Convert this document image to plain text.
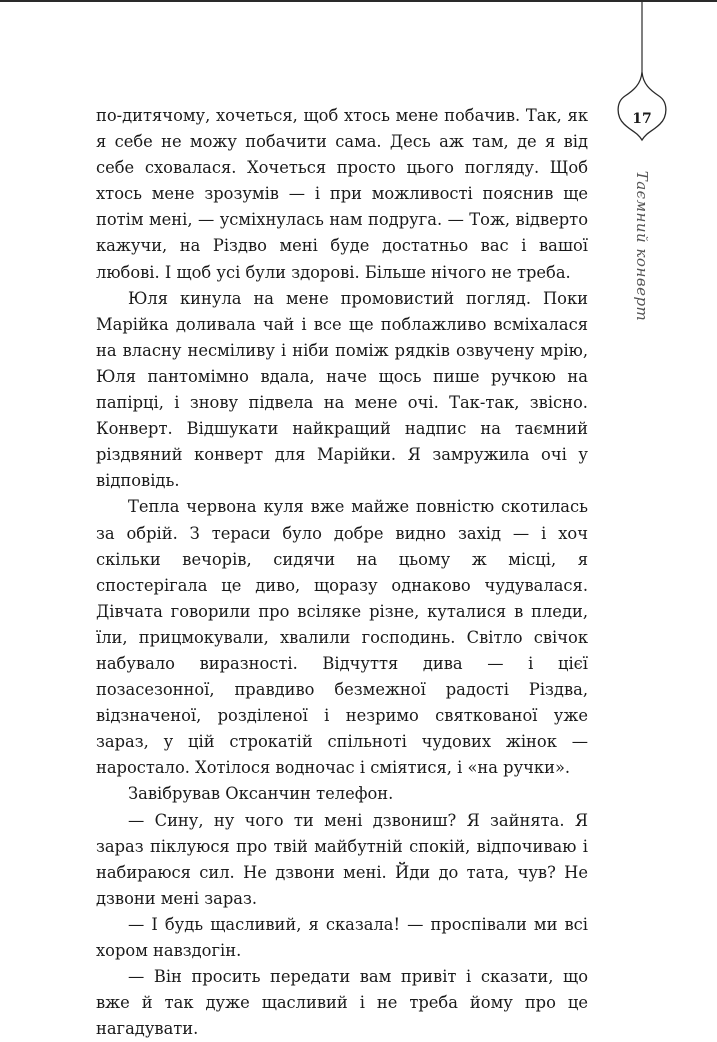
17
Таємний конверт

по-дитячому, хочеться, щоб хтось мене побачив. Так, як я себе не можу побачити сама. Десь аж там, де я від себе сховалася. Хочеться просто цього погляду. Щоб хтось мене зрозумів — і при можливості пояснив ще потім мені, — усміхнулась нам подруга. — Тож, відверто кажучи, на Різдво мені буде достатньо вас і вашої любові. І щоб усі були здорові. Більше нічого не треба.

Юля кинула на мене промовистий погляд. Поки Марійка доливала чай і все ще поблажливо всміхалася на власну несміливу і ніби поміж рядків озвучену мрію, Юля пантомімно вдала, наче щось пише ручкою на папірці, і знову підвела на мене очі. Так-так, звісно. Конверт. Відшукати найкращий надпис на таємний різдвяний конверт для Марійки. Я замружила очі у відповідь.

Тепла червона куля вже майже повністю скотилась за обрій. З тераси було добре видно захід — і хоч скільки вечорів, сидячи на цьому ж місці, я спостерігала це диво, щоразу однаково чудувалася. Дівчата говорили про всіляке різне, куталися в пледи, їли, прицмокували, хвалили господинь. Світло свічок набувало виразності. Відчуття дива — і цієї позасезонної, правдиво безмежної радості Різдва, відзначеної, розділеної і незримо святкованої уже зараз, у цій строкатій спільноті чудових жінок — наростало. Хотілося водночас і сміятися, і «на ручки».

Завібрував Оксанчин телефон.

— Сину, ну чого ти мені дзвониш? Я зайнята. Я зараз піклуюся про твій майбутній спокій, відпочиваю і набираюся сил. Не дзвони мені. Йди до тата, чув? Не дзвони мені зараз.

— І будь щасливий, я сказала! — проспівали ми всі хором навздогін.

— Він просить передати вам привіт і сказати, що вже й так дуже щасливий і не треба йому про це нагадувати.
